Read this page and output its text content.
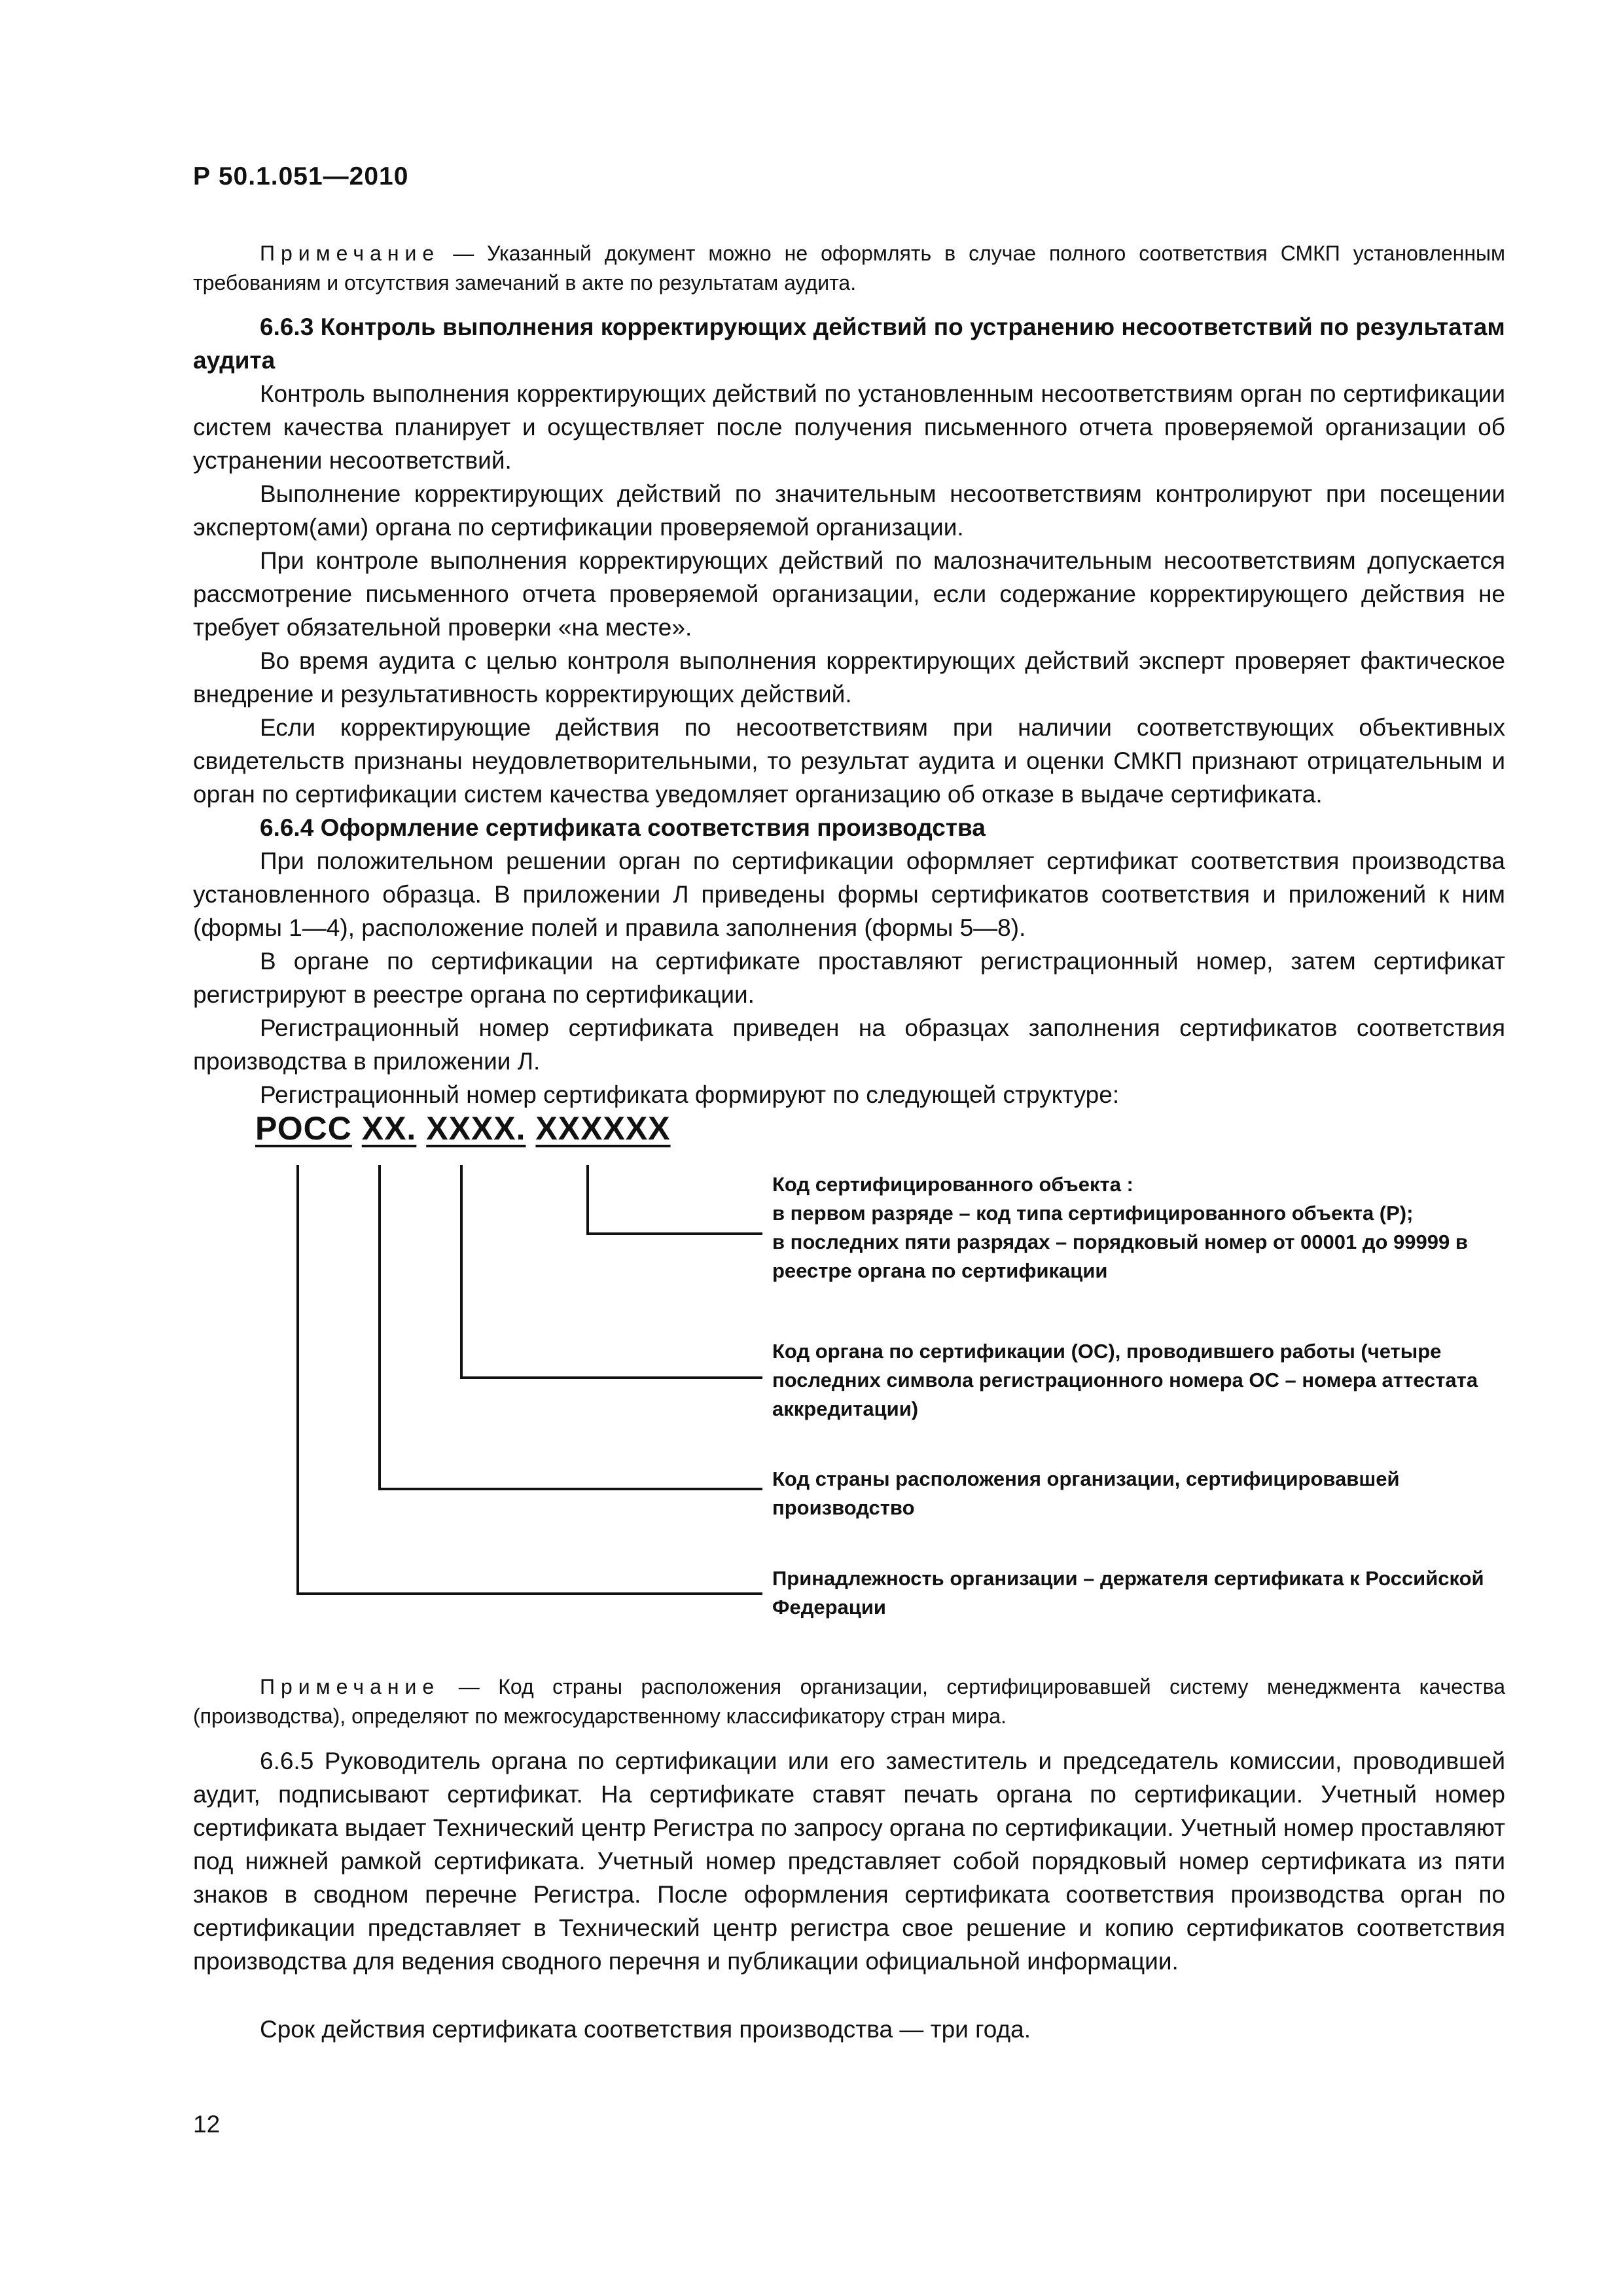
Р 50.1.051—2010

Примечание — Указанный документ можно не оформлять в случае полного соответствия СМКП установленным требованиям и отсутствия замечаний в акте по результатам аудита.

6.6.3 Контроль выполнения корректирующих действий по устранению несоответствий по результатам аудита

Контроль выполнения корректирующих действий по установленным несоответствиям орган по сертификации систем качества планирует и осуществляет после получения письменного отчета проверяемой организации об устранении несоответствий.

Выполнение корректирующих действий по значительным несоответствиям контролируют при посещении экспертом(ами) органа по сертификации проверяемой организации.

При контроле выполнения корректирующих действий по малозначительным несоответствиям допускается рассмотрение письменного отчета проверяемой организации, если содержание корректирующего действия не требует обязательной проверки «на месте».

Во время аудита с целью контроля выполнения корректирующих действий эксперт проверяет фактическое внедрение и результативность корректирующих действий.

Если корректирующие действия по несоответствиям при наличии соответствующих объективных свидетельств признаны неудовлетворительными, то результат аудита и оценки СМКП признают отрицательным и орган по сертификации систем качества уведомляет организацию об отказе в выдаче сертификата.

6.6.4 Оформление сертификата соответствия производства

При положительном решении орган по сертификации оформляет сертификат соответствия производства установленного образца. В приложении Л приведены формы сертификатов соответствия и приложений к ним (формы 1—4), расположение полей и правила заполнения (формы 5—8).

В органе по сертификации на сертификате проставляют регистрационный номер, затем сертификат регистрируют в реестре органа по сертификации.

Регистрационный номер сертификата приведен на образцах заполнения сертификатов соответствия производства в приложении Л.

Регистрационный номер сертификата формируют по следующей структуре:

РОСС XX. XXXX. XXXXXX

Код сертифицированного объекта :
в первом разряде – код типа сертифицированного объекта (Р);
в последних пяти разрядах – порядковый номер от 00001 до 99999 в реестре органа по сертификации

Код органа по сертификации (ОС), проводившего работы (четыре последних символа регистрационного номера ОС – номера аттестата аккредитации)

Код страны расположения организации, сертифицировавшей производство

Принадлежность организации – держателя сертификата к Российской Федерации

Примечание — Код страны расположения организации, сертифицировавшей систему менеджмента качества (производства), определяют по межгосударственному классификатору стран мира.

6.6.5 Руководитель органа по сертификации или его заместитель и председатель комиссии, проводившей аудит, подписывают сертификат. На сертификате ставят печать органа по сертификации. Учетный номер сертификата выдает Технический центр Регистра по запросу органа по сертификации. Учетный номер проставляют под нижней рамкой сертификата. Учетный номер представляет собой порядковый номер сертификата из пяти знаков в сводном перечне Регистра. После оформления сертификата соответствия производства орган по сертификации представляет в Технический центр регистра свое решение и копию сертификатов соответствия производства для ведения сводного перечня и публикации официальной информации.

Срок действия сертификата соответствия производства — три года.

12
